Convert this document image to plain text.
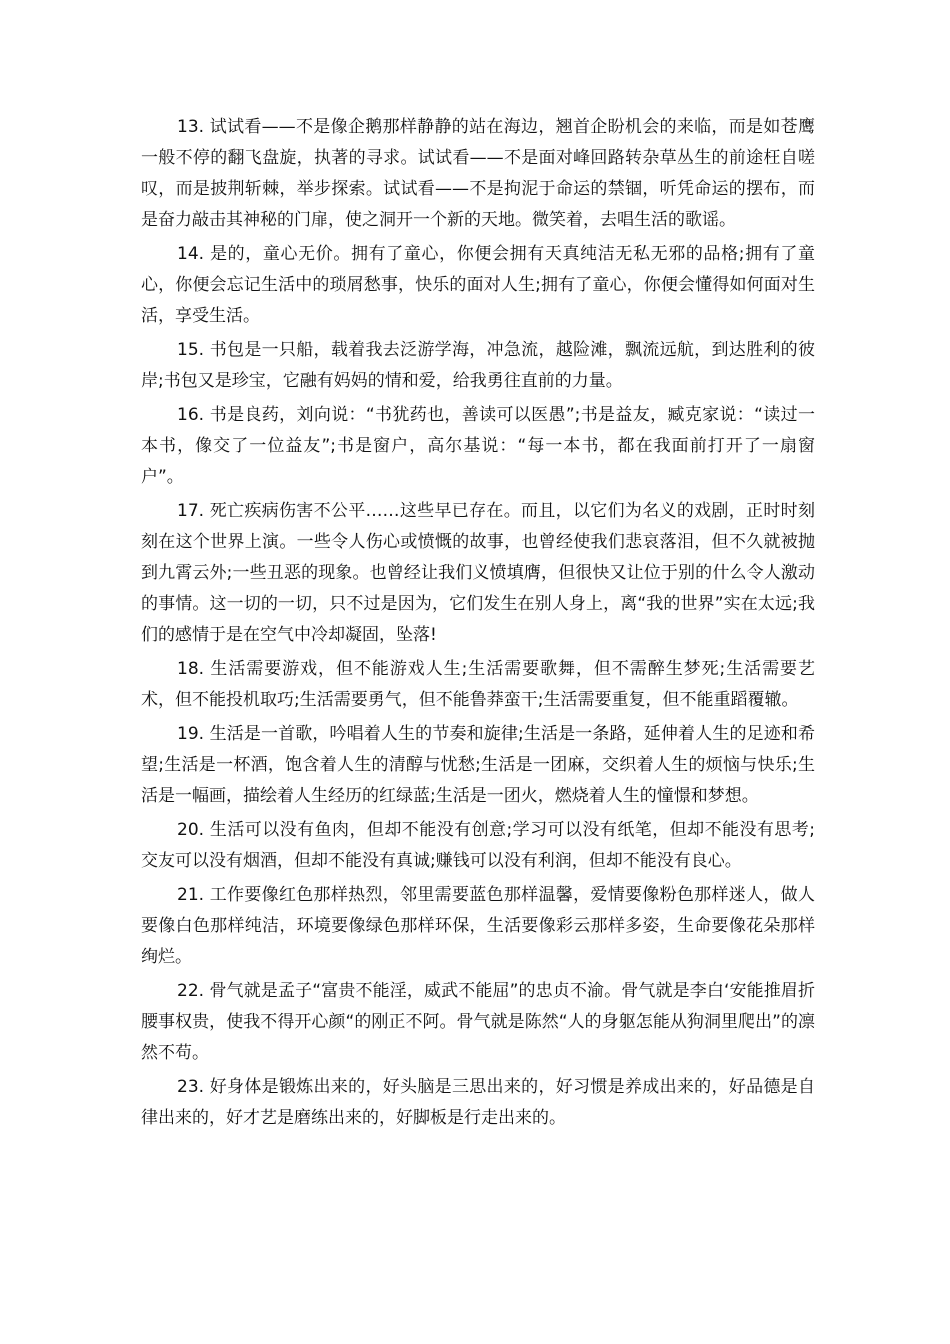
13. 试试看——不是像企鹅那样静静的站在海边，翘首企盼机会的来临，而是如苍鹰一般不停的翻飞盘旋，执著的寻求。试试看——不是面对峰回路转杂草丛生的前途枉自嗟叹，而是披荆斩棘，举步探索。试试看——不是拘泥于命运的禁锢，听凭命运的摆布，而是奋力敲击其神秘的门扉，使之洞开一个新的天地。微笑着，去唱生活的歌谣。

14. 是的，童心无价。拥有了童心，你便会拥有天真纯洁无私无邪的品格;拥有了童心，你便会忘记生活中的琐屑愁事，快乐的面对人生;拥有了童心，你便会懂得如何面对生活，享受生活。

15. 书包是一只船，载着我去泛游学海，冲急流，越险滩，飘流远航，到达胜利的彼岸;书包又是珍宝，它融有妈妈的情和爱，给我勇往直前的力量。

16. 书是良药，刘向说：“书犹药也，善读可以医愚”;书是益友，臧克家说：“读过一本书，像交了一位益友”;书是窗户，高尔基说：“每一本书，都在我面前打开了一扇窗户”。

17. 死亡疾病伤害不公平……这些早已存在。而且，以它们为名义的戏剧，正时时刻刻在这个世界上演。一些令人伤心或愤慨的故事，也曾经使我们悲哀落泪，但不久就被抛到九霄云外;一些丑恶的现象。也曾经让我们义愤填膺，但很快又让位于别的什么令人激动的事情。这一切的一切，只不过是因为，它们发生在别人身上，离“我的世界”实在太远;我们的感情于是在空气中冷却凝固，坠落!

18. 生活需要游戏，但不能游戏人生;生活需要歌舞，但不需醉生梦死;生活需要艺术，但不能投机取巧;生活需要勇气，但不能鲁莽蛮干;生活需要重复，但不能重蹈覆辙。

19. 生活是一首歌，吟唱着人生的节奏和旋律;生活是一条路，延伸着人生的足迹和希望;生活是一杯酒，饱含着人生的清醇与忧愁;生活是一团麻，交织着人生的烦恼与快乐;生活是一幅画，描绘着人生经历的红绿蓝;生活是一团火，燃烧着人生的憧憬和梦想。

20. 生活可以没有鱼肉，但却不能没有创意;学习可以没有纸笔，但却不能没有思考;交友可以没有烟酒，但却不能没有真诚;赚钱可以没有利润，但却不能没有良心。

21. 工作要像红色那样热烈，邻里需要蓝色那样温馨，爱情要像粉色那样迷人，做人要像白色那样纯洁，环境要像绿色那样环保，生活要像彩云那样多姿，生命要像花朵那样绚烂。

22. 骨气就是孟子“富贵不能淫，威武不能屈”的忠贞不渝。骨气就是李白‘安能推眉折腰事权贵，使我不得开心颜“的刚正不阿。骨气就是陈然“人的身躯怎能从狗洞里爬出”的凛然不苟。

23. 好身体是锻炼出来的，好头脑是三思出来的，好习惯是养成出来的，好品德是自律出来的，好才艺是磨练出来的，好脚板是行走出来的。
